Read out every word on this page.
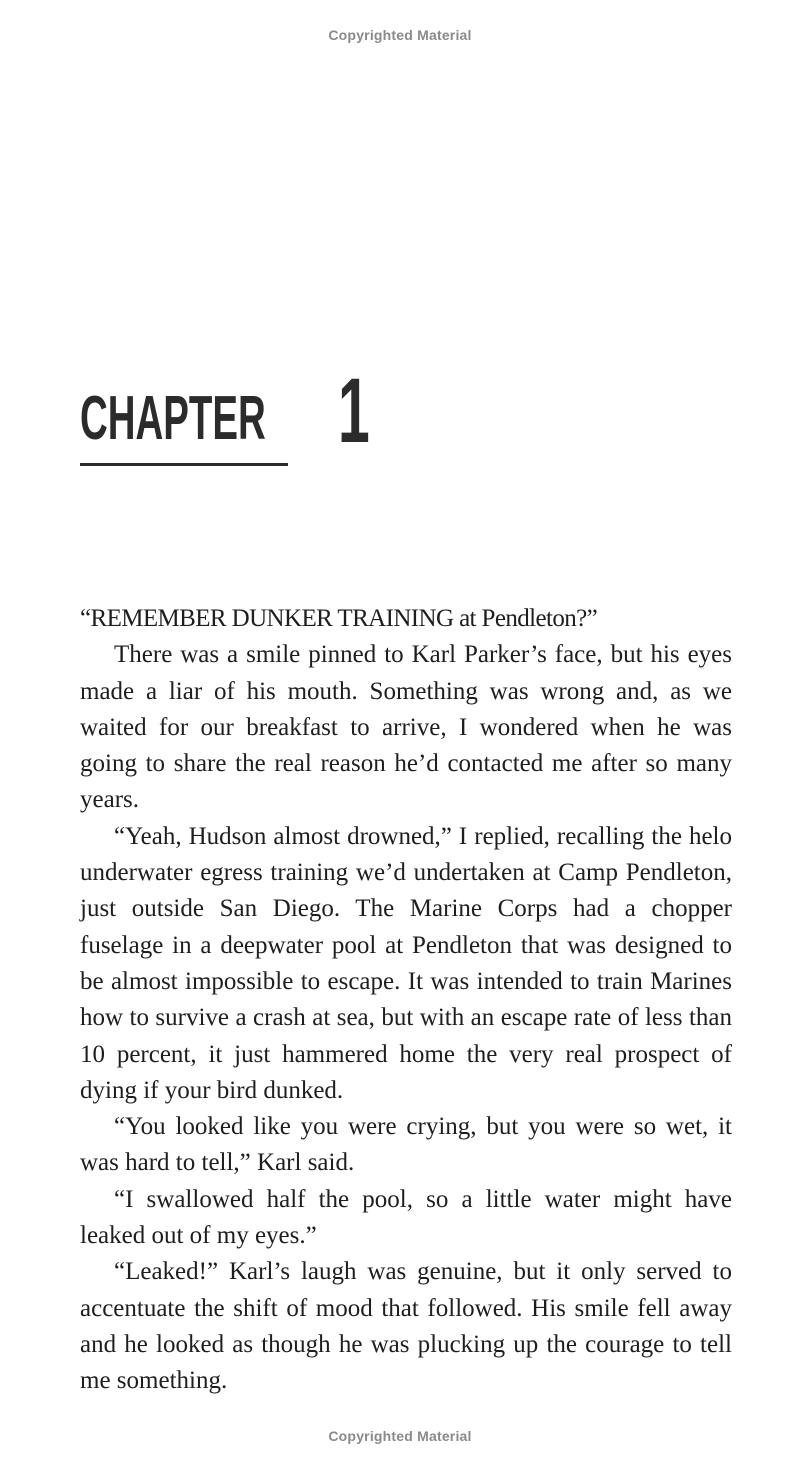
Copyrighted Material
CHAPTER 1

“REMEMBER DUNKER TRAINING at Pendleton?”

There was a smile pinned to Karl Parker’s face, but his eyes made a liar of his mouth. Something was wrong and, as we waited for our breakfast to arrive, I wondered when he was going to share the real reason he’d contacted me after so many years.

“Yeah, Hudson almost drowned,” I replied, recalling the helo underwater egress training we’d undertaken at Camp Pendleton, just outside San Diego. The Marine Corps had a chopper fuselage in a deepwater pool at Pendleton that was designed to be almost impossible to escape. It was intended to train Marines how to survive a crash at sea, but with an escape rate of less than 10 percent, it just hammered home the very real prospect of dying if your bird dunked.

“You looked like you were crying, but you were so wet, it was hard to tell,” Karl said.

“I swallowed half the pool, so a little water might have leaked out of my eyes.”

“Leaked!” Karl’s laugh was genuine, but it only served to accentuate the shift of mood that followed. His smile fell away and he looked as though he was plucking up the courage to tell me something.

Copyrighted Material
